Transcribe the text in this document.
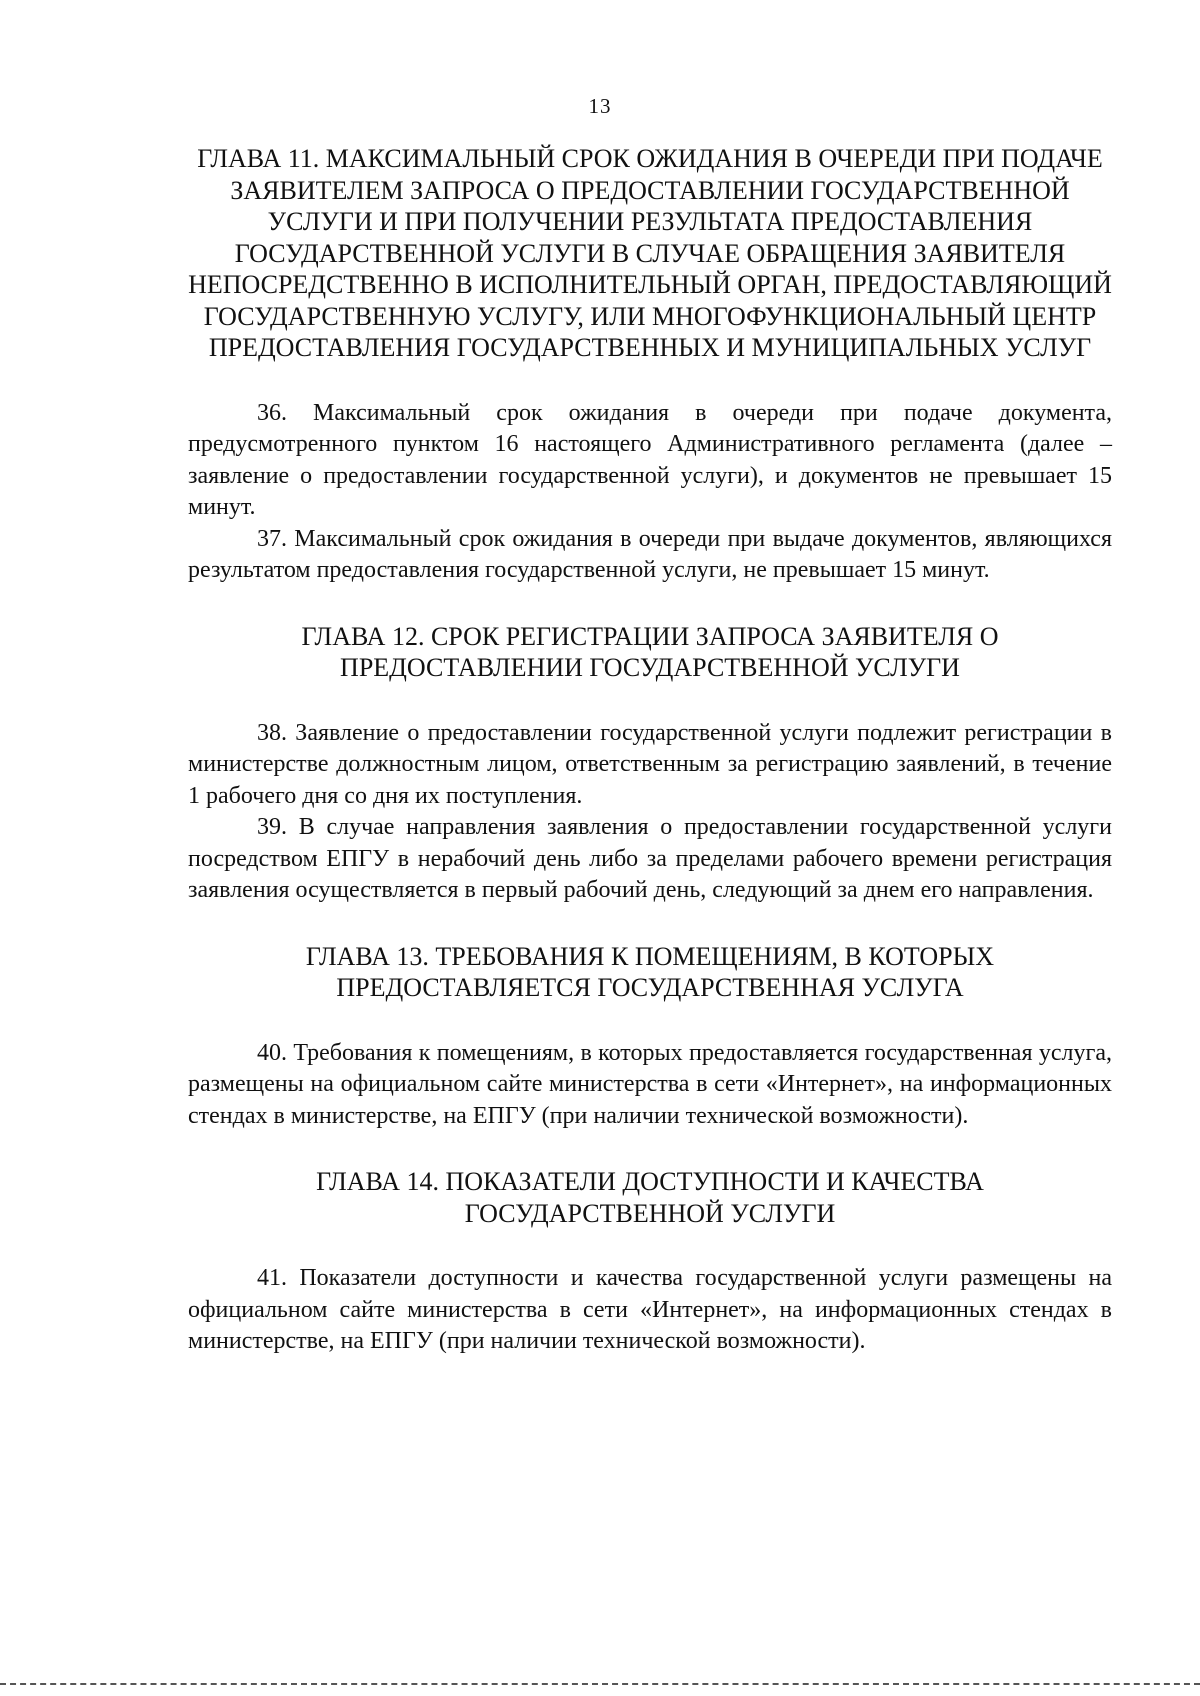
13
ГЛАВА 11. МАКСИМАЛЬНЫЙ СРОК ОЖИДАНИЯ В ОЧЕРЕДИ ПРИ ПОДАЧЕ ЗАЯВИТЕЛЕМ ЗАПРОСА О ПРЕДОСТАВЛЕНИИ ГОСУДАРСТВЕННОЙ УСЛУГИ И ПРИ ПОЛУЧЕНИИ РЕЗУЛЬТАТА ПРЕДОСТАВЛЕНИЯ ГОСУДАРСТВЕННОЙ УСЛУГИ В СЛУЧАЕ ОБРАЩЕНИЯ ЗАЯВИТЕЛЯ НЕПОСРЕДСТВЕННО В ИСПОЛНИТЕЛЬНЫЙ ОРГАН, ПРЕДОСТАВЛЯЮЩИЙ ГОСУДАРСТВЕННУЮ УСЛУГУ, ИЛИ МНОГОФУНКЦИОНАЛЬНЫЙ ЦЕНТР ПРЕДОСТАВЛЕНИЯ ГОСУДАРСТВЕННЫХ И МУНИЦИПАЛЬНЫХ УСЛУГ

36. Максимальный срок ожидания в очереди при подаче документа, предусмотренного пунктом 16 настоящего Административного регламента (далее – заявление о предоставлении государственной услуги), и документов не превышает 15 минут.

37. Максимальный срок ожидания в очереди при выдаче документов, являющихся результатом предоставления государственной услуги, не превышает 15 минут.

ГЛАВА 12. СРОК РЕГИСТРАЦИИ ЗАПРОСА ЗАЯВИТЕЛЯ О ПРЕДОСТАВЛЕНИИ ГОСУДАРСТВЕННОЙ УСЛУГИ

38. Заявление о предоставлении государственной услуги подлежит регистрации в министерстве должностным лицом, ответственным за регистрацию заявлений, в течение 1 рабочего дня со дня их поступления.

39. В случае направления заявления о предоставлении государственной услуги посредством ЕПГУ в нерабочий день либо за пределами рабочего времени регистрация заявления осуществляется в первый рабочий день, следующий за днем его направления.

ГЛАВА 13. ТРЕБОВАНИЯ К ПОМЕЩЕНИЯМ, В КОТОРЫХ ПРЕДОСТАВЛЯЕТСЯ ГОСУДАРСТВЕННАЯ УСЛУГА

40. Требования к помещениям, в которых предоставляется государственная услуга, размещены на официальном сайте министерства в сети «Интернет», на информационных стендах в министерстве, на ЕПГУ (при наличии технической возможности).

ГЛАВА 14. ПОКАЗАТЕЛИ ДОСТУПНОСТИ И КАЧЕСТВА ГОСУДАРСТВЕННОЙ УСЛУГИ

41. Показатели доступности и качества государственной услуги размещены на официальном сайте министерства в сети «Интернет», на информационных стендах в министерстве, на ЕПГУ (при наличии технической возможности).
